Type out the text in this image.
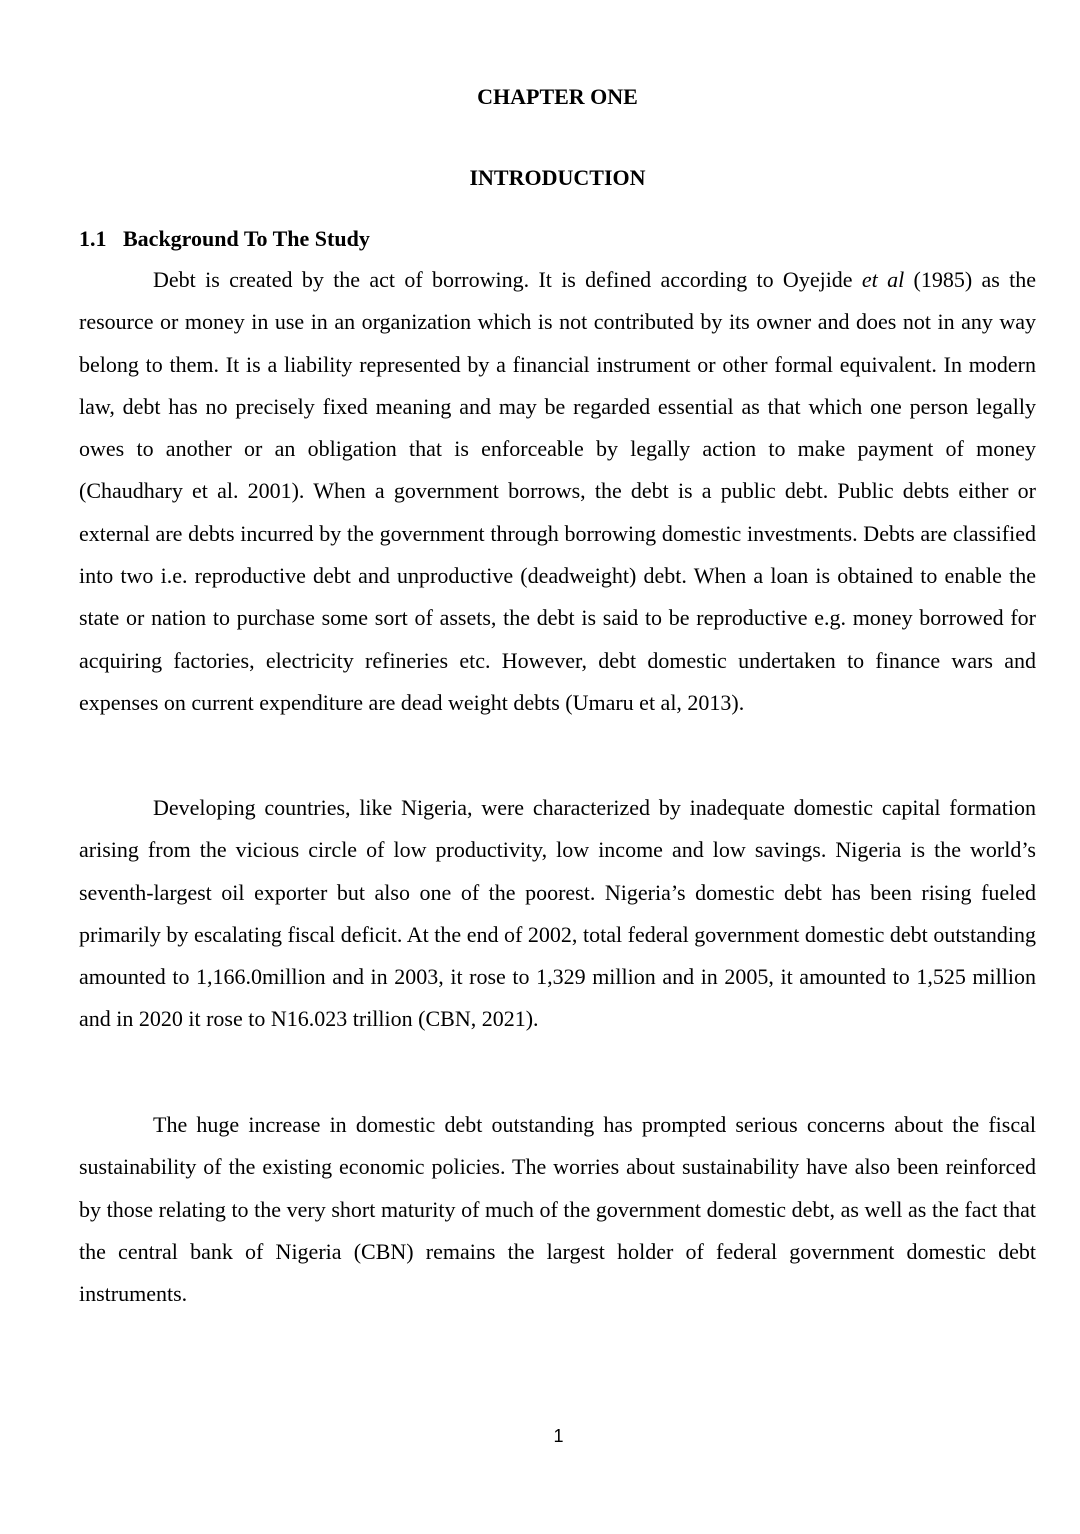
CHAPTER ONE
INTRODUCTION
1.1 Background To The Study

Debt is created by the act of borrowing. It is defined according to Oyejide et al (1985) as the resource or money in use in an organization which is not contributed by its owner and does not in any way belong to them. It is a liability represented by a financial instrument or other formal equivalent. In modern law, debt has no precisely fixed meaning and may be regarded essential as that which one person legally owes to another or an obligation that is enforceable by legally action to make payment of money (Chaudhary et al. 2001). When a government borrows, the debt is a public debt. Public debts either or external are debts incurred by the government through borrowing domestic investments. Debts are classified into two i.e. reproductive debt and unproductive (deadweight) debt. When a loan is obtained to enable the state or nation to purchase some sort of assets, the debt is said to be reproductive e.g. money borrowed for acquiring factories, electricity refineries etc. However, debt domestic undertaken to finance wars and expenses on current expenditure are dead weight debts (Umaru et al, 2013).

Developing countries, like Nigeria, were characterized by inadequate domestic capital formation arising from the vicious circle of low productivity, low income and low savings. Nigeria is the world’s seventh-largest oil exporter but also one of the poorest. Nigeria’s domestic debt has been rising fueled primarily by escalating fiscal deficit. At the end of 2002, total federal government domestic debt outstanding amounted to 1,166.0million and in 2003, it rose to 1,329 million and in 2005, it amounted to 1,525 million and in 2020 it rose to N16.023 trillion (CBN, 2021).

The huge increase in domestic debt outstanding has prompted serious concerns about the fiscal sustainability of the existing economic policies. The worries about sustainability have also been reinforced by those relating to the very short maturity of much of the government domestic debt, as well as the fact that the central bank of Nigeria (CBN) remains the largest holder of federal government domestic debt instruments.

1
